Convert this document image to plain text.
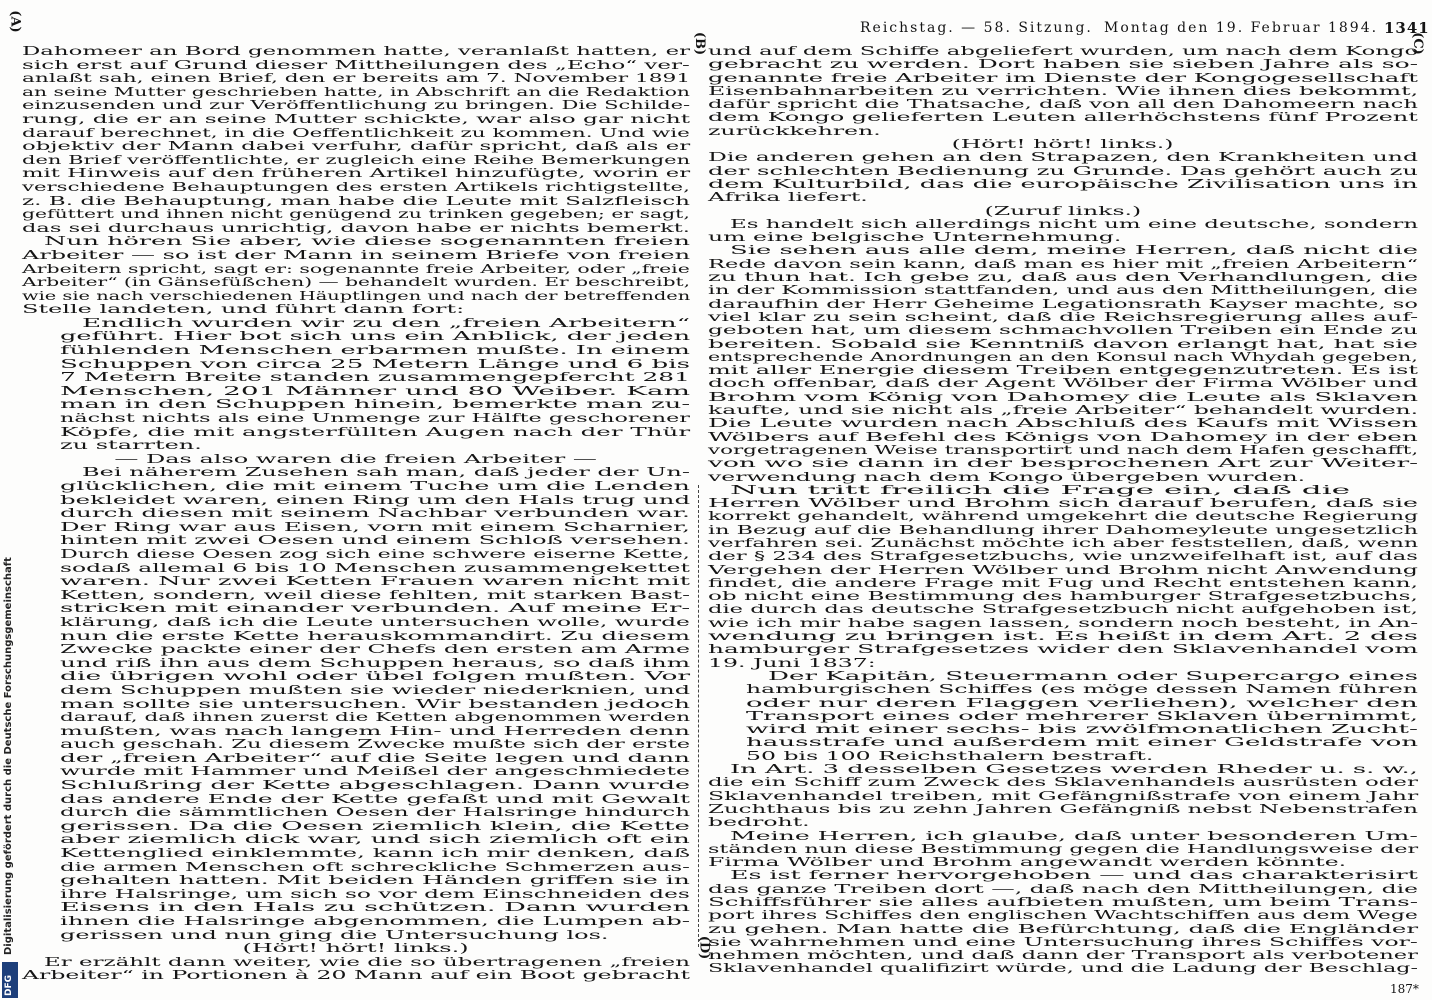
(A)
(B)	(C)
(D)
Reichstag. — 58. Sitzung. Montag den 19. Februar 1894. 1341
Dahomeer an Bord genommen hatte, veranlaßt hatten, er
sich erst auf Grund dieser Mittheilungen des „Echo“ ver-
anlaßt sah, einen Brief, den er bereits am 7. November 1891
an seine Mutter geschrieben hatte, in Abschrift an die Redaktion
einzusenden und zur Veröffentlichung zu bringen. Die Schilde-
rung, die er an seine Mutter schickte, war also gar nicht
darauf berechnet, in die Oeffentlichkeit zu kommen. Und wie
objektiv der Mann dabei verfuhr, dafür spricht, daß als er
den Brief veröffentlichte, er zugleich eine Reihe Bemerkungen
mit Hinweis auf den früheren Artikel hinzufügte, worin er
verschiedene Behauptungen des ersten Artikels richtigstellte,
z. B. die Behauptung, man habe die Leute mit Salzfleisch
gefüttert und ihnen nicht genügend zu trinken gegeben; er sagt,
das sei durchaus unrichtig, davon habe er nichts bemerkt.
Nun hören Sie aber, wie diese sogenannten freien
Arbeiter — so ist der Mann in seinem Briefe von freien
Arbeitern spricht, sagt er: sogenannte freie Arbeiter, oder „freie
Arbeiter“ (in Gänsefüßchen) — behandelt wurden. Er beschreibt,
wie sie nach verschiedenen Häuptlingen und nach der betreffenden
Stelle landeten, und führt dann fort:
Endlich wurden wir zu den „freien Arbeitern“
geführt. Hier bot sich uns ein Anblick, der jeden
fühlenden Menschen erbarmen mußte. In einem
Schuppen von circa 25 Metern Länge und 6 bis
7 Metern Breite standen zusammengepfercht 281
Menschen, 201 Männer und 80 Weiber. Kam
man in den Schuppen hinein, bemerkte man zu-
nächst nichts als eine Unmenge zur Hälfte geschorener
Köpfe, die mit angsterfüllten Augen nach der Thür
zu starrten.
— Das also waren die freien Arbeiter —
Bei näherem Zusehen sah man, daß jeder der Un-
glücklichen, die mit einem Tuche um die Lenden
bekleidet waren, einen Ring um den Hals trug und
durch diesen mit seinem Nachbar verbunden war.
Der Ring war aus Eisen, vorn mit einem Scharnier,
hinten mit zwei Oesen und einem Schloß versehen.
Durch diese Oesen zog sich eine schwere eiserne Kette,
sodaß allemal 6 bis 10 Menschen zusammengekettet
waren. Nur zwei Ketten Frauen waren nicht mit
Ketten, sondern, weil diese fehlten, mit starken Bast-
stricken mit einander verbunden. Auf meine Er-
klärung, daß ich die Leute untersuchen wolle, wurde
nun die erste Kette herauskommandirt. Zu diesem
Zwecke packte einer der Chefs den ersten am Arme
und riß ihn aus dem Schuppen heraus, so daß ihm
die übrigen wohl oder übel folgen mußten. Vor
dem Schuppen mußten sie wieder niederknien, und
man sollte sie untersuchen. Wir bestanden jedoch
darauf, daß ihnen zuerst die Ketten abgenommen werden
mußten, was nach langem Hin- und Herreden denn
auch geschah. Zu diesem Zwecke mußte sich der erste
der „freien Arbeiter“ auf die Seite legen und dann
wurde mit Hammer und Meißel der angeschmiedete
Schlußring der Kette abgeschlagen. Dann wurde
das andere Ende der Kette gefaßt und mit Gewalt
durch die sämmtlichen Oesen der Halsringe hindurch
gerissen. Da die Oesen ziemlich klein, die Kette
aber ziemlich dick war, und sich ziemlich oft ein
Kettenglied einklemmte, kann ich mir denken, daß
die armen Menschen oft schreckliche Schmerzen aus-
gehalten hatten. Mit beiden Händen griffen sie in
ihre Halsringe, um sich so vor dem Einschneiden des
Eisens in den Hals zu schützen. Dann wurden
ihnen die Halsringe abgenommen, die Lumpen ab-
gerissen und nun ging die Untersuchung los.
(Hört! hört! links.)
Er erzählt dann weiter, wie die so übertragenen „freien
Arbeiter“ in Portionen à 20 Mann auf ein Boot gebracht
und auf dem Schiffe abgeliefert wurden, um nach dem Kongo
gebracht zu werden. Dort haben sie sieben Jahre als so-
genannte freie Arbeiter im Dienste der Kongogesellschaft
Eisenbahnarbeiten zu verrichten. Wie ihnen dies bekommt,
dafür spricht die Thatsache, daß von all den Dahomeern nach
dem Kongo gelieferten Leuten allerhöchstens fünf Prozent
zurückkehren.
(Hört! hört! links.)
Die anderen gehen an den Strapazen, den Krankheiten und
der schlechten Bedienung zu Grunde. Das gehört auch zu
dem Kulturbild, das die europäische Zivilisation uns in
Afrika liefert.
(Zuruf links.)
Es handelt sich allerdings nicht um eine deutsche, sondern
um eine belgische Unternehmung.
Sie sehen aus alle dem, meine Herren, daß nicht die
Rede davon sein kann, daß man es hier mit „freien Arbeitern“
zu thun hat. Ich gebe zu, daß aus den Verhandlungen, die
in der Kommission stattfanden, und aus den Mittheilungen, die
daraufhin der Herr Geheime Legationsrath Kayser machte, so
viel klar zu sein scheint, daß die Reichsregierung alles auf-
geboten hat, um diesem schmachvollen Treiben ein Ende zu
bereiten. Sobald sie Kenntniß davon erlangt hat, hat sie
entsprechende Anordnungen an den Konsul nach Whydah gegeben,
mit aller Energie diesem Treiben entgegenzutreten. Es ist
doch offenbar, daß der Agent Wölber der Firma Wölber und
Brohm vom König von Dahomey die Leute als Sklaven
kaufte, und sie nicht als „freie Arbeiter“ behandelt wurden.
Die Leute wurden nach Abschluß des Kaufs mit Wissen
Wölbers auf Befehl des Königs von Dahomey in der eben
vorgetragenen Weise transportirt und nach dem Hafen geschafft,
von wo sie dann in der besprochenen Art zur Weiter-
verwendung nach dem Kongo übergeben wurden.
Nun tritt freilich die Frage ein, daß die
Herren Wölber und Brohm sich darauf berufen, daß sie
korrekt gehandelt, während umgekehrt die deutsche Regierung
in Bezug auf die Behandlung ihrer Dahomeyleute ungesetzlich
verfahren sei. Zunächst möchte ich aber feststellen, daß, wenn
der § 234 des Strafgesetzbuchs, wie unzweifelhaft ist, auf das
Vergehen der Herren Wölber und Brohm nicht Anwendung
findet, die andere Frage mit Fug und Recht entstehen kann,
ob nicht eine Bestimmung des hamburger Strafgesetzbuchs,
die durch das deutsche Strafgesetzbuch nicht aufgehoben ist,
wie ich mir habe sagen lassen, sondern noch besteht, in An-
wendung zu bringen ist. Es heißt in dem Art. 2 des
hamburger Strafgesetzes wider den Sklavenhandel vom
19. Juni 1837:
Der Kapitän, Steuermann oder Supercargo eines
hamburgischen Schiffes (es möge dessen Namen führen
oder nur deren Flaggen verliehen), welcher den
Transport eines oder mehrerer Sklaven übernimmt,
wird mit einer sechs- bis zwölfmonatlichen Zucht-
hausstrafe und außerdem mit einer Geldstrafe von
50 bis 100 Reichsthalern bestraft.
In Art. 3 desselben Gesetzes werden Rheder u. s. w.,
die ein Schiff zum Zweck des Sklavenhandels ausrüsten oder
Sklavenhandel treiben, mit Gefängnißstrafe von einem Jahr
Zuchthaus bis zu zehn Jahren Gefängniß nebst Nebenstrafen
bedroht.
Meine Herren, ich glaube, daß unter besonderen Um-
ständen nun diese Bestimmung gegen die Handlungsweise der
Firma Wölber und Brohm angewandt werden könnte.
Es ist ferner hervorgehoben — und das charakterisirt
das ganze Treiben dort —, daß nach den Mittheilungen, die
Schiffsführer sie alles aufbieten mußten, um beim Trans-
port ihres Schiffes den englischen Wachtschiffen aus dem Wege
zu gehen. Man hatte die Befürchtung, daß die Engländer
sie wahrnehmen und eine Untersuchung ihres Schiffes vor-
nehmen möchten, und daß dann der Transport als verbotener
Sklavenhandel qualifizirt würde, und die Ladung der Beschlag-
187*
Digitalisierung gefördert durch die Deutsche Forschungsgemeinschaft
DFG
